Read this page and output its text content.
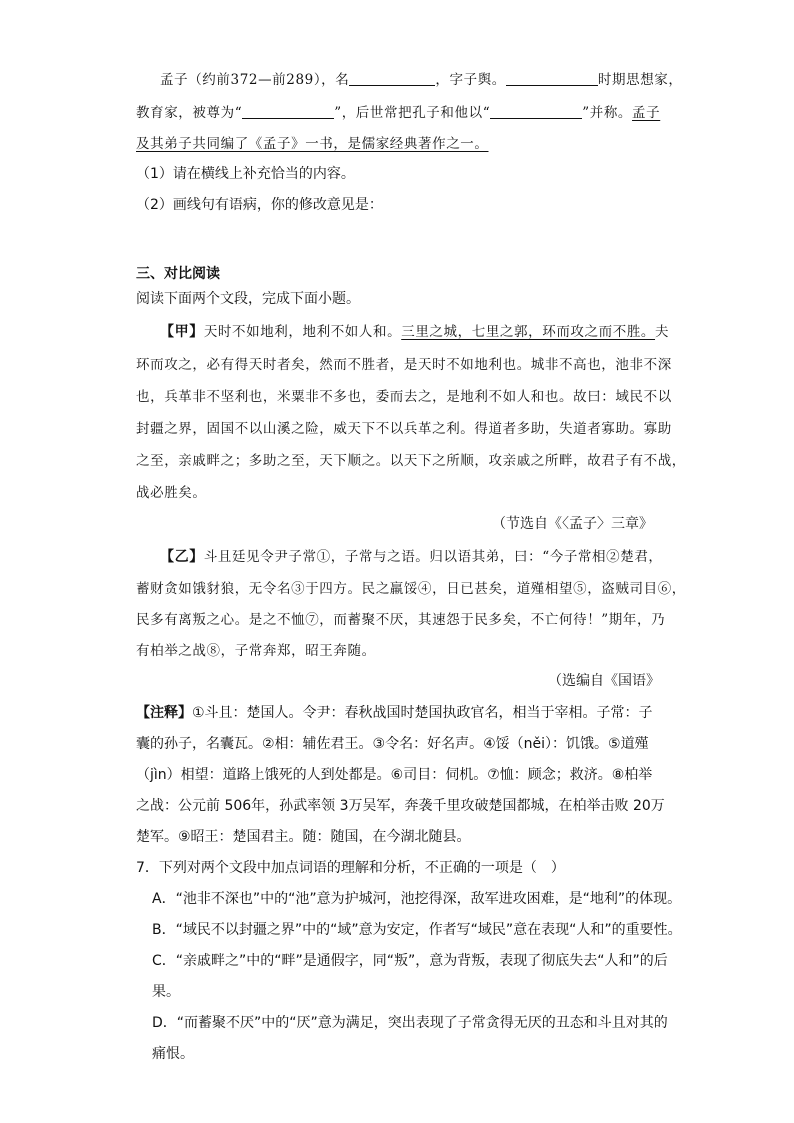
孟子（约前372—前289），名	，字子舆。	时期思想家，
教育家，被尊为“	”，后世常把孔子和他以“	”并称。孟子
及其弟子共同编了《孟子》一书，是儒家经典著作之一。
（1）请在横线上补充恰当的内容。
（2）画线句有语病，你的修改意见是：
三、对比阅读
阅读下面两个文段，完成下面小题。
【甲】天时不如地利，地利不如人和。三里之城，七里之郭，环而攻之而不胜。夫
环而攻之，必有得天时者矣，然而不胜者，是天时不如地利也。城非不高也，池非不深
也，兵革非不坚利也，米粟非不多也，委而去之，是地利不如人和也。故曰：域民不以
封疆之界，固国不以山溪之险，威天下不以兵革之利。得道者多助，失道者寡助。寡助
之至，亲戚畔之；多助之至，天下顺之。以天下之所顺，攻亲戚之所畔，故君子有不战，
战必胜矣。
（节选自《〈孟子〉三章》
【乙】斗且廷见令尹子常①，子常与之语。归以语其弟，曰：“今子常相②楚君，
蓄财贪如饿豺狼，无令名③于四方。民之羸馁④，日已甚矣，道殣相望⑤，盗贼司目⑥，
民多有离叛之心。是之不恤⑦，而蓄聚不厌，其速怨于民多矣，不亡何待！”期年，乃
有柏举之战⑧，子常奔郑，昭王奔随。
（选编自《国语》
【注释】①斗且：楚国人。令尹：春秋战国时楚国执政官名，相当于宰相。子常：子
囊的孙子，名囊瓦。②相：辅佐君王。③令名：好名声。④馁（něi）：饥饿。⑤道殣
（jìn）相望：道路上饿死的人到处都是。⑥司目：伺机。⑦恤：顾念；救济。⑧柏举
之战：公元前 506年，孙武率领 3万吴军，奔袭千里攻破楚国都城，在柏举击败 20万
楚军。⑨昭王：楚国君主。随：随国，在今湖北随县。
7．下列对两个文段中加点词语的理解和分析，不正确的一项是（　）
A．“池非不深也”中的“池”意为护城河，池挖得深，敌军进攻困难，是“地利”的体现。
B．“域民不以封疆之界”中的“域”意为安定，作者写“域民”意在表现“人和”的重要性。
C．“亲戚畔之”中的“畔”是通假字，同“叛”，意为背叛，表现了彻底失去“人和”的后
果。
D．“而蓄聚不厌”中的“厌”意为满足，突出表现了子常贪得无厌的丑态和斗且对其的
痛恨。
